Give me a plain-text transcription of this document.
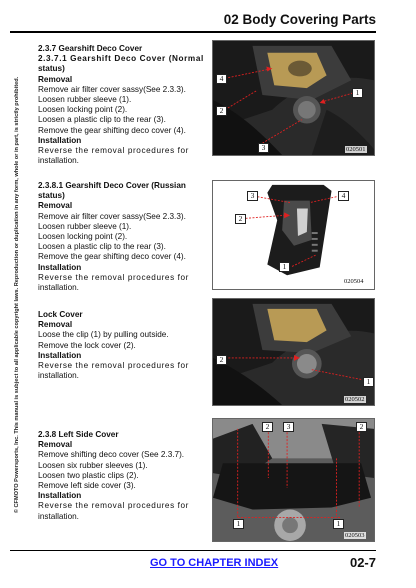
02 Body Covering Parts
© CFMOTO Powersports, Inc. This manual is subject to all applicable copyright laws. Reproduction or duplication in any form, whole or in part, is strictly prohibited.
2.3.7 Gearshift Deco Cover
2.3.7.1 Gearshift Deco Cover (Normal
status)
Removal
Remove air filter cover sassy(See 2.3.3).
Loosen rubber sleeve (1).
Loosen locking point (2).
Loosen a plastic clip to the rear (3).
Remove the gear shifting deco cover (4).
Installation
Reverse the removal procedures for
installation.
2.3.8.1 Gearshift Deco Cover (Russian
status)
Removal
Remove air filter cover sassy(See 2.3.3).
Loosen rubber sleeve (1).
Loosen locking point (2).
Loosen a plastic clip to the rear (3).
Remove the gear shifting deco cover (4).
Installation
Reverse the removal procedures for
installation.
Lock Cover
Removal
Loose the clip (1) by pulling outside.
Remove the lock cover (2).
Installation
Reverse the removal procedures for
installation.
2.3.8 Left Side Cover
Removal
Remove shifting deco cover (See 2.3.7).
Loosen six rubber sleeves (1).
Loosen two plastic clips (2).
Remove left side cover (3).
Installation
Reverse the removal procedures for
installation.
4
1
2
3	020501
3	4
2
1
020504
2
1
020502
2	3	2
1	1
020503
GO TO CHAPTER INDEX	02-7
